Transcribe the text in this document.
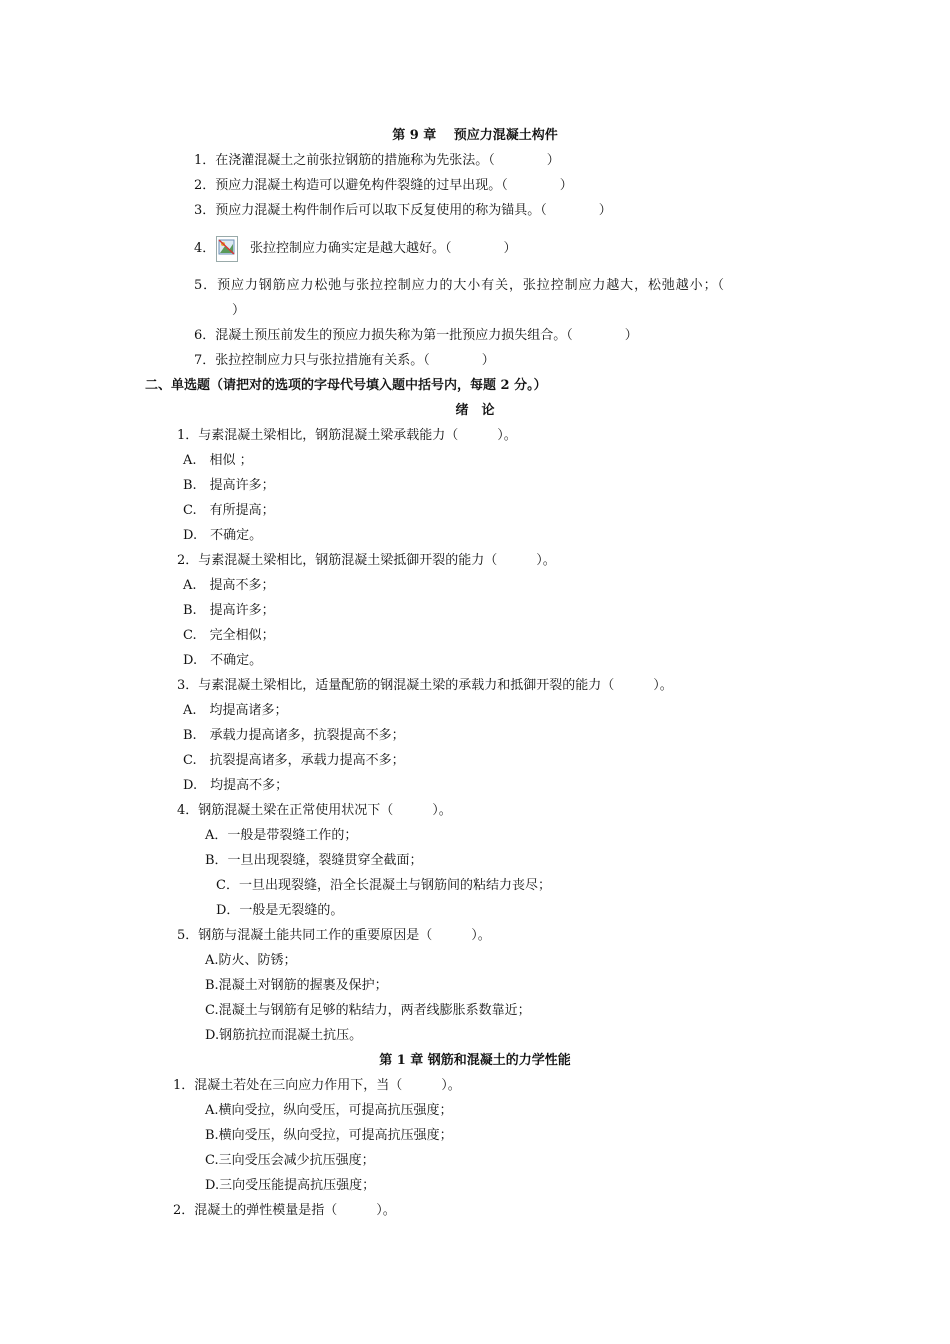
第 9 章　 预应力混凝土构件
1．在浇灌混凝土之前张拉钢筋的措施称为先张法。（　　　　）
2．预应力混凝土构造可以避免构件裂缝的过早出现。（　　　　）
3．预应力混凝土构件制作后可以取下反复使用的称为锚具。（　　　　）
4．	张拉控制应力确实定是越大越好。（　　　　）
5．预应力钢筋应力松弛与张拉控制应力的大小有关，张拉控制应力越大，松弛越小；（
）
6．混凝土预压前发生的预应力损失称为第一批预应力损失组合。（　　　　）
7．张拉控制应力只与张拉措施有关系。（　　　　）
二、单选题（请把对的选项的字母代号填入题中括号内，每题 2 分。）
绪　论
1．与素混凝土梁相比，钢筋混凝土梁承载能力（　　　）。
A.　相似 ；
B.　提高许多；
C.　有所提高；
D.　不确定。
2．与素混凝土梁相比，钢筋混凝土梁抵御开裂的能力（　　　）。
A.　提高不多；
B.　提高许多；
C.　完全相似；
D.　不确定。
3．与素混凝土梁相比，适量配筋的钢混凝土梁的承载力和抵御开裂的能力（　　　）。
A.　均提高诸多；
B.　承载力提高诸多，抗裂提高不多；
C.　抗裂提高诸多，承载力提高不多；
D.　均提高不多；
4．钢筋混凝土梁在正常使用状况下（　　　）。
A．一般是带裂缝工作的；
B．一旦出现裂缝，裂缝贯穿全截面；
C．一旦出现裂缝，沿全长混凝土与钢筋间的粘结力丧尽；
D．一般是无裂缝的。
5．钢筋与混凝土能共同工作的重要原因是（　　　）。
A.防火、防锈；
B.混凝土对钢筋的握裹及保护；
C.混凝土与钢筋有足够的粘结力，两者线膨胀系数靠近；
D.钢筋抗拉而混凝土抗压。
第 1 章 钢筋和混凝土的力学性能
1．混凝土若处在三向应力作用下，当（　　　）。
A.横向受拉，纵向受压，可提高抗压强度；
B.横向受压，纵向受拉，可提高抗压强度；
C.三向受压会减少抗压强度；
D.三向受压能提高抗压强度；
2．混凝土的弹性模量是指（　　　）。
